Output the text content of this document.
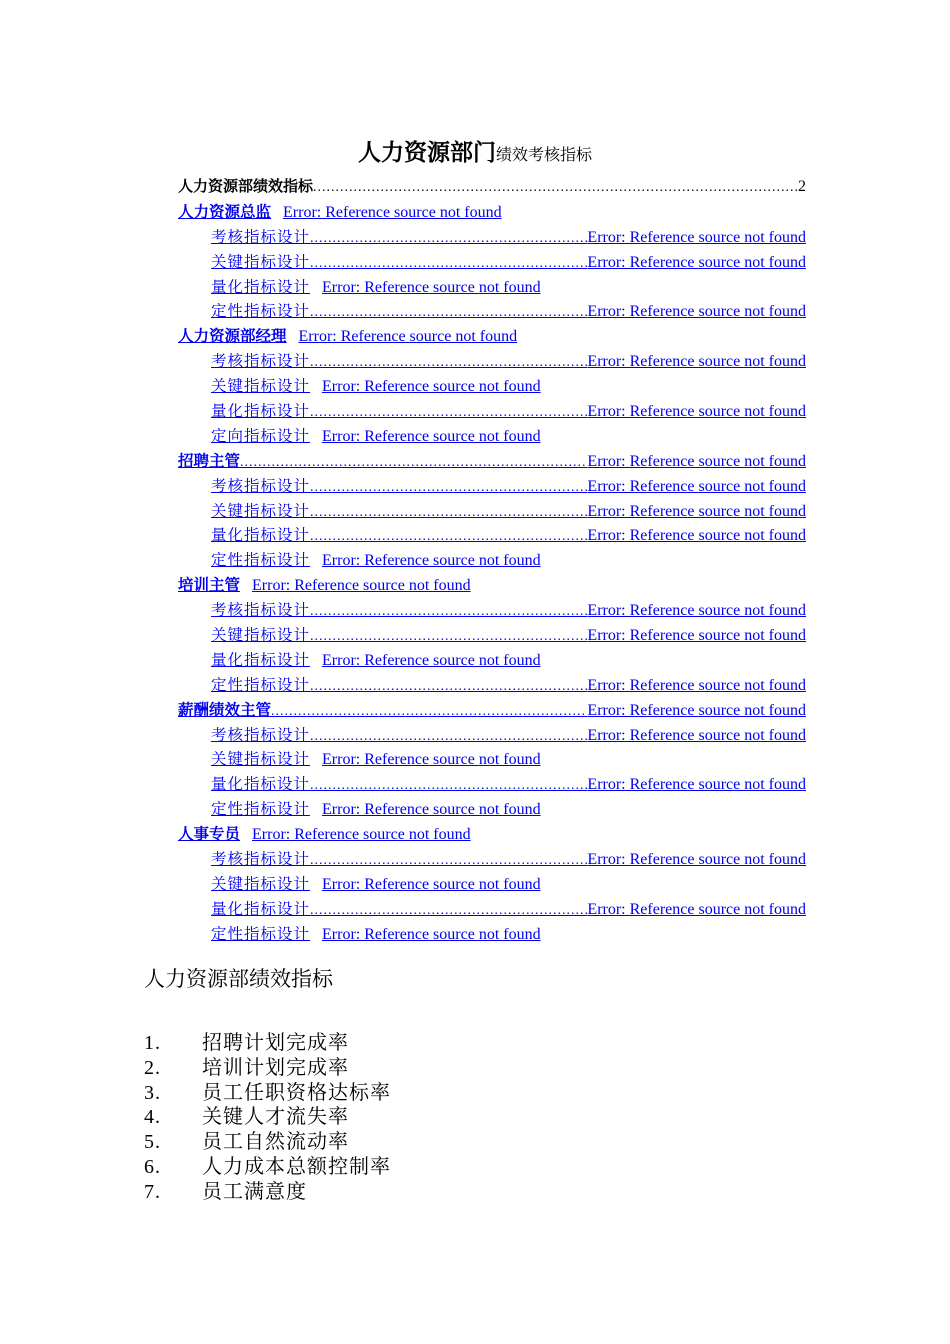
人力资源部门绩效考核指标
人力资源部绩效指标 .....	2
人力资源总监 Error: Reference source not found
考核指标设计 .....	Error: Reference source not found
关键指标设计 .....	Error: Reference source not found
量化指标设计 Error: Reference source not found
定性指标设计 .....	Error: Reference source not found
人力资源部经理 Error: Reference source not found
考核指标设计 .....	Error: Reference source not found
关键指标设计 Error: Reference source not found
量化指标设计 .....	Error: Reference source not found
定向指标设计 Error: Reference source not found
招聘主管 .....	Error: Reference source not found
考核指标设计 .....	Error: Reference source not found
关键指标设计 .....	Error: Reference source not found
量化指标设计 .....	Error: Reference source not found
定性指标设计 Error: Reference source not found
培训主管 Error: Reference source not found
考核指标设计 .....	Error: Reference source not found
关键指标设计 .....	Error: Reference source not found
量化指标设计 Error: Reference source not found
定性指标设计 .....	Error: Reference source not found
薪酬绩效主管 .....	Error: Reference source not found
考核指标设计 .....	Error: Reference source not found
关键指标设计 Error: Reference source not found
量化指标设计 .....	Error: Reference source not found
定性指标设计 Error: Reference source not found
人事专员 Error: Reference source not found
考核指标设计 .....	Error: Reference source not found
关键指标设计 Error: Reference source not found
量化指标设计 .....	Error: Reference source not found
定性指标设计 Error: Reference source not found
人力资源部绩效指标
1.	招聘计划完成率
2.	培训计划完成率
3.	员工任职资格达标率
4.	关键人才流失率
5.	员工自然流动率
6.	人力成本总额控制率
7.	员工满意度
